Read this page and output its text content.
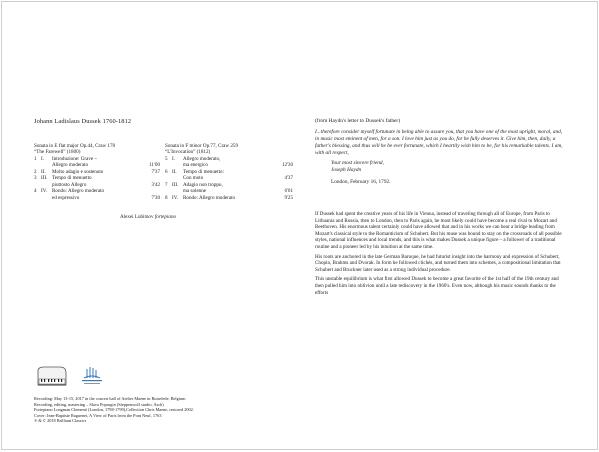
Johann Ladislaus Dussek 1760-1812
Sonata in E flat major Op.44, Craw 178
“The Farewell” (1800)
1 I.	Introduzione: Grave –
Allegro moderato	11'00
2 II.	Molto adagio e sostenuto	7'37
3 III. Tempo di menuetto
piuttosto Allegro	3'42
4 IV. Rondo: Allegro moderato
ed espressivo	7'30
Sonata in F minor Op.77, Craw 259
“L'Invocation” (1812)
5 I.	Allegro moderato,
ma energico	12'30
6 II.	Tempo di menuetto:
Con moto	4'37
7 III. Adagio non troppo,
ma solenne	6'01
8 IV. Rondo: Allegro moderato	9'25
Alexei Lubimov fortepiano
Recording: May 13-15, 2017 in the concert hall of Atelier Maene in Ruiselede, Belgium
Recording, editing, mastering – Slava Poprugin (Steppenwolf studio, Asch)
Fortepiano Longman Clementi (London, 1798-1799),Collection Chris Maene, restored 2002.
Cover: Jean-Baptiste Raguenet, A View of Paris from the Pont Neuf, 1763
℗ & © 2018 Brilliant Classics
(from Haydn's letter to Dussek's father)
I...therefore consider myself fortunate in being able to assure you, that you have one of the most upright, moral, and, in music most eminent of men, for a son. I love him just as you do, for he fully deserves it. Give him, then, daily, a father's blessing, and thus will he be ever fortunate, which I heartily wish him to be, for his remarkable talents. I am, with all respect,
Your most sincere friend,
Joseph Haydn
London, February 16, 1792.

If Dussek had spent the creative years of his life in Vienna, instead of traveling through all of Europe, from Paris to Lithuania and Russia, then to London, then to Paris again, he most likely could have become a real rival to Mozart and Beethoven. His enormous talent certainly could have allowed that and in his works we can hear a bridge leading from Mozart's classical style to the Romanticism of Schubert. But his muse was bound to stay on the crossroads of all possible styles, national influences and local trends, and this is what makes Dussek a unique figure – a follower of a traditional routine and a pioneer led by his intuition at the same time.

His roots are anchored in the late German Baroque, he had futurist insight into the harmony and expression of Schubert, Chopin, Brahms and Dvorak. In form he followed clichés, and turned them into schemes, a compositional limitation that Schubert and Bruckner later used as a strong individual procedure.

This unstable equilibrium is what first allowed Dussek to become a great favorite of the 1st half of the 19th century and then pulled him into oblivion until a late rediscovery in the 1960's. Even now, although his music sounds thanks to the efforts
